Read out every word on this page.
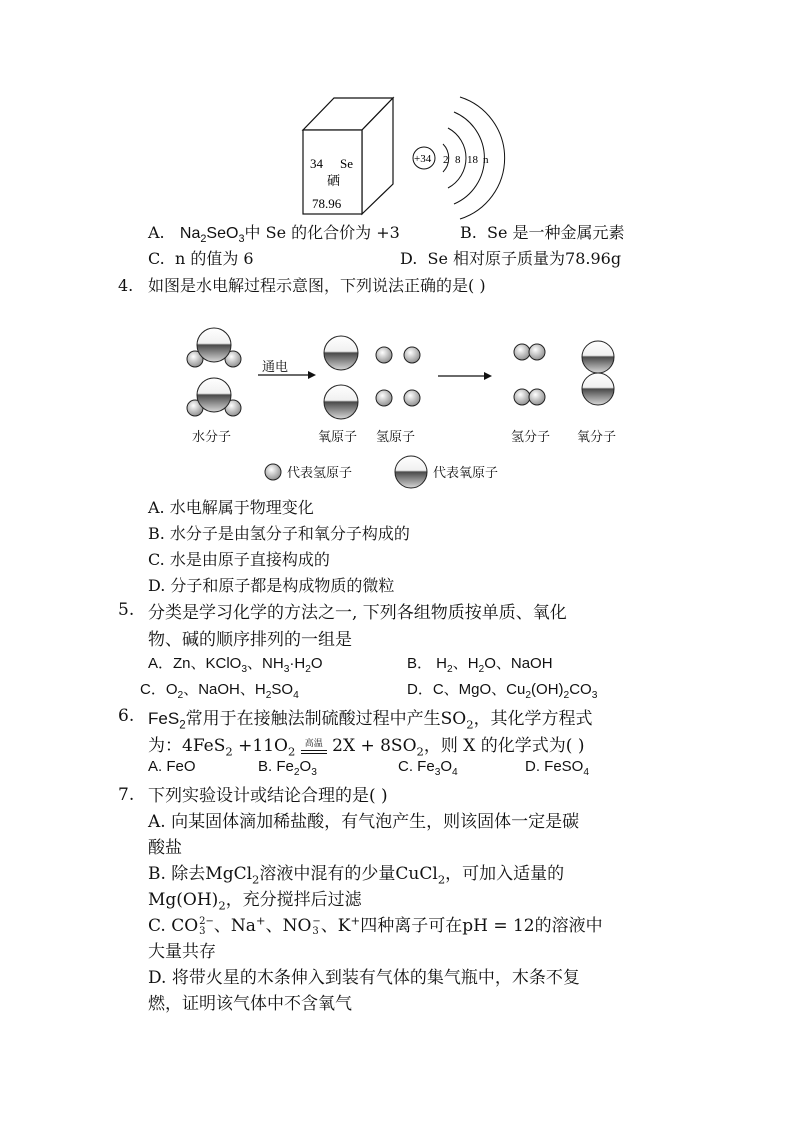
34 Se
硒
78.96
+34 2 8 18 n
A. $Na_2SeO_3$中 Se 的化合价为 +3	B. Se 是一种金属元素
C. n 的值为 6	D. Se 相对原子质量为78.96g
4. 如图是水电解过程示意图，下列说法正确的是( )
水分子
通电
氧原子 氢原子	氢分子 氧分子
代表氢原子	代表氧原子
A. 水电解属于物理变化
B. 水分子是由氢分子和氧分子构成的
C. 水是由原子直接构成的
D. 分子和原子都是构成物质的微粒
5. 分类是学习化学的方法之一, 下列各组物质按单质、氧化
物、碱的顺序排列的一组是
A．Zn、KClO$_3$、$NH_3\cdot H_2O$	B． $H_2$、$H_2O$、NaOH
C．$O_2$、NaOH、$H_2SO_4$	D．C、MgO、$Cu_2(OH)_2CO_3$
6. FeS$_2$常用于在接触法制硫酸过程中产生$SO_2$，其化学方程式
为：$4FeS_2 +11O_2$
高温 $2X + 8SO_2$，则 X 的化学式为( )
A. FeO	B. $Fe_2O_3$	C. $Fe_3O_4$	D. FeSO$_4$
7. 下列实验设计或结论合理的是( )
A. 向某固体滴加稀盐酸，有气泡产生，则该固体一定是碳
酸盐
B. 除去MgCl$_2$溶液中混有的少量CuCl$_2$，可加入适量的
$Mg(OH)_2$，充分搅拌后过滤
C. CO 2−
3 、Na+、NO −
3 、K+四种离子可在pH = 12的溶液中
大量共存
D. 将带火星的木条伸入到装有气体的集气瓶中，木条不复
燃，证明该气体中不含氧气
